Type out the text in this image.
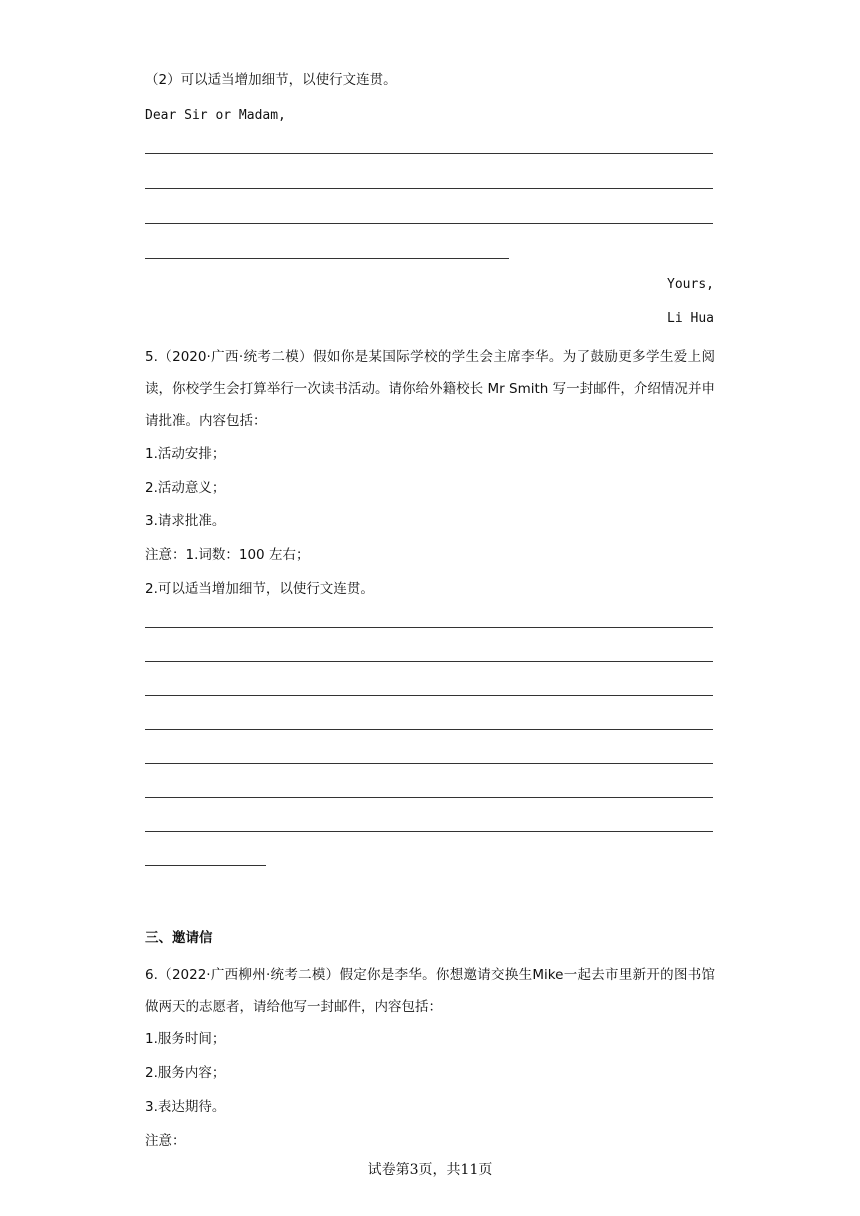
（2）可以适当增加细节，以使行文连贯。
Dear Sir or Madam,
Yours,
Li Hua
5.（2020·广西·统考二模）假如你是某国际学校的学生会主席李华。为了鼓励更多学生爱上阅读，你校学生会打算举行一次读书活动。请你给外籍校长 Mr Smith 写一封邮件，介绍情况并申请批准。内容包括：
1.活动安排；
2.活动意义；
3.请求批准。
注意：1.词数：100 左右；
2.可以适当增加细节，以使行文连贯。
三、邀请信
6.（2022·广西柳州·统考二模）假定你是李华。你想邀请交换生Mike一起去市里新开的图书馆做两天的志愿者，请给他写一封邮件，内容包括：
1.服务时间；
2.服务内容；
3.表达期待。
注意：
试卷第3页，共11页
